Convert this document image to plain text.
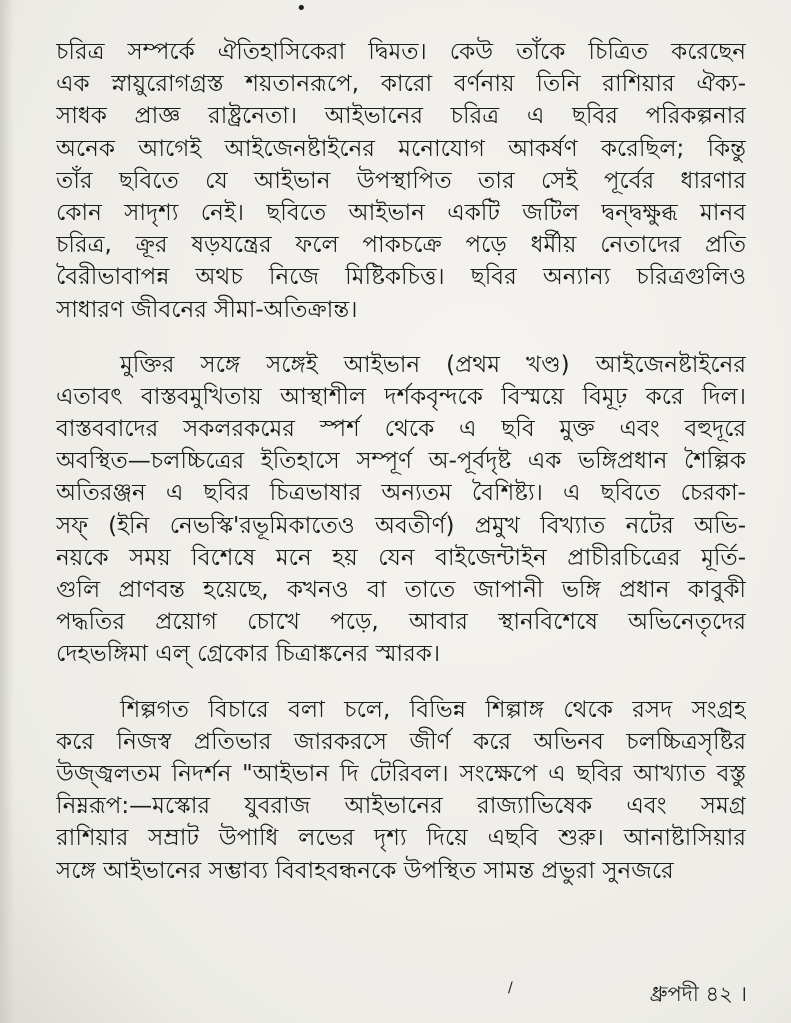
•
চরিত্র সম্পর্কে ঐতিহাসিকেরা দ্বিমত। কেউ তাঁকে চিত্রিত করেছেন
এক স্নায়ুরোগগ্রস্ত শয়তানরূপে, কারো বর্ণনায় তিনি রাশিয়ার ঐক্য-
সাধক প্রাজ্ঞ রাষ্ট্রনেতা। আইভানের চরিত্র এ ছবির পরিকল্পনার
অনেক আগেই আইজেনষ্টাইনের মনোযোগ আকর্ষণ করেছিল; কিন্তু
তাঁর ছবিতে যে আইভান উপস্থাপিত তার সেই পূর্বের ধারণার
কোন সাদৃশ্য নেই। ছবিতে আইভান একটি জটিল দ্বন্দ্বক্ষুব্ধ মানব
চরিত্র, ক্রূর ষড়যন্ত্রের ফলে পাকচক্রে পড়ে ধর্মীয় নেতাদের প্রতি
বৈরীভাবাপন্ন অথচ নিজে মিষ্টিকচিত্ত। ছবির অন্যান্য চরিত্রগুলিও
সাধারণ জীবনের সীমা-অতিক্রান্ত।
মুক্তির সঙ্গে সঙ্গেই আইভান (প্রথম খণ্ড) আইজেনষ্টাইনের
এতাবৎ বাস্তবমুখিতায় আস্থাশীল দর্শকবৃন্দকে বিস্ময়ে বিমূঢ় করে দিল।
বাস্তববাদের সকলরকমের স্পর্শ থেকে এ ছবি মুক্ত এবং বহুদূরে
অবস্থিত—চলচ্চিত্রের ইতিহাসে সম্পূর্ণ অ-পূর্বদৃষ্ট এক ভঙ্গিপ্রধান শৈল্পিক
অতিরঞ্জন এ ছবির চিত্রভাষার অন্যতম বৈশিষ্ট্য। এ ছবিতে চেরকা-
সফ্ (ইনি নেভস্কি'রভূমিকাতেও অবতীর্ণ) প্রমুখ বিখ্যাত নটের অভি-
নয়কে সময় বিশেষে মনে হয় যেন বাইজেন্টাইন প্রাচীরচিত্রের মূর্তি-
গুলি প্রাণবন্ত হয়েছে, কখনও বা তাতে জাপানী ভঙ্গি প্রধান কাবুকী
পদ্ধতির প্রয়োগ চোখে পড়ে, আবার স্থানবিশেষে অভিনেতৃদের
দেহভঙ্গিমা এল্ গ্রেকোর চিত্রাঙ্কনের স্মারক।
শিল্পগত বিচারে বলা চলে, বিভিন্ন শিল্পাঙ্গ থেকে রসদ সংগ্রহ
করে নিজস্ব প্রতিভার জারকরসে জীর্ণ করে অভিনব চলচ্চিত্রসৃষ্টির
উজ্জ্বলতম নিদর্শন "আইভান দি টেরিবল। সংক্ষেপে এ ছবির আখ্যাত বস্তু
নিম্নরূপ:—মস্কোর যুবরাজ আইভানের রাজ্যাভিষেক এবং সমগ্র
রাশিয়ার সম্রাট উপাধি লভের দৃশ্য দিয়ে এছবি শুরু। আনাষ্টাসিয়ার
সঙ্গে আইভানের সম্ভাব্য বিবাহবন্ধনকে উপস্থিত সামন্ত প্রভুরা সুনজরে
/	ধ্রুপদী ৪২ ।
